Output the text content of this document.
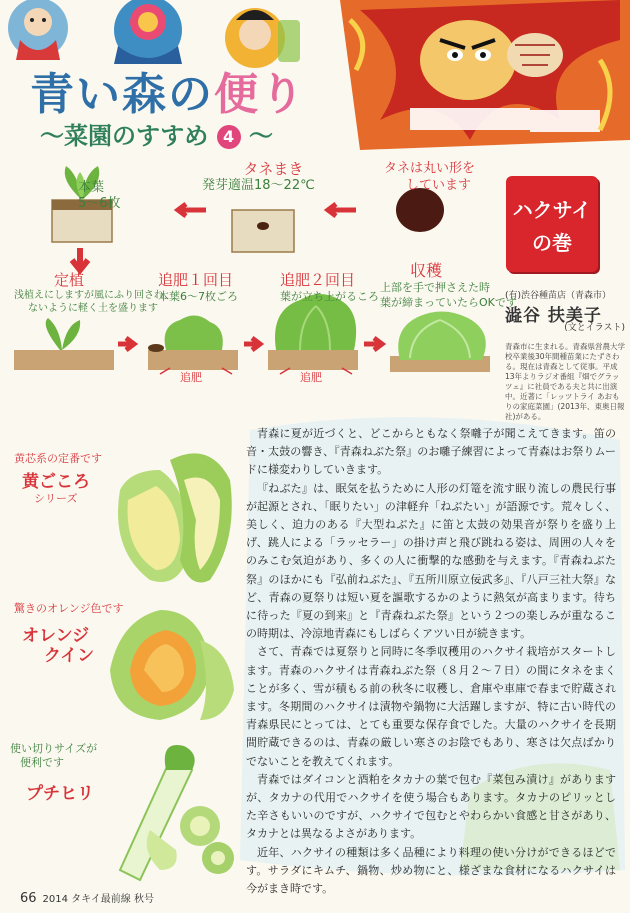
青い森の便り
〜菜園のすすめ 4 〜
本葉
5〜6枚
タネまき
発芽適温18〜22℃
タネは丸い形を
しています
定植
浅植えにしますが風にふり回され
ないように軽く土を盛ります
追肥１回目
本葉6〜7枚ごろ
追肥２回目
葉が立ち上がるころ
収穫
上部を手で押さえた時
葉が締まっていたらOKです
追肥	追肥
ハクサイ
の巻
(有)渋谷種苗店（青森市）
澁谷 扶美子
(文とイラスト)
青森市に生まれる。青森県営農大学校卒業後30年間種苗業にたずさわる。現在は青森として従事。平成13年よりラジオ番組『畑でグラッツェ』に社員である夫と共に出演中。近著に「レッツトライ あおもりの家庭菜園」(2013年、東奥日報社)がある。
黄芯系の定番です
黄ごころ
シリーズ
驚きのオレンジ色です
オレンジ
クイン
使い切りサイズが
便利です
プチヒリ

青森に夏が近づくと、どこからともなく祭囃子が聞こえてきます。笛の音・太鼓の響き、『青森ねぶた祭』のお囃子練習によって青森はお祭りムードに様変わりしていきます。

『ねぶた』は、眠気を払うために人形の灯篭を流す眠り流しの農民行事が起源とされ、「眠りたい」の津軽弁「ねぶたい」が語源です。荒々しく、美しく、迫力のある『大型ねぶた』に笛と太鼓の効果音が祭りを盛り上げ、跳人による「ラッセラー」の掛け声と飛び跳ねる姿は、周囲の人々をのみこむ気迫があり、多くの人に衝撃的な感動を与えます。『青森ねぶた祭』のほかにも『弘前ねぶた』、『五所川原立佞武多』、『八戸三社大祭』など、青森の夏祭りは短い夏を謳歌するかのように熱気が高まります。待ちに待った『夏の到来』と『青森ねぶた祭』という２つの楽しみが重なるこの時期は、冷涼地青森にもしばらくアツい日が続きます。

さて、青森では夏祭りと同時に冬季収穫用のハクサイ栽培がスタートします。青森のハクサイは青森ねぶた祭（８月２〜７日）の間にタネをまくことが多く、雪が積もる前の秋冬に収穫し、倉庫や車庫で春まで貯蔵されます。冬期間のハクサイは漬物や鍋物に大活躍しますが、特に古い時代の青森県民にとっては、とても重要な保存食でした。大量のハクサイを長期間貯蔵できるのは、青森の厳しい寒さのお陰でもあり、寒さは欠点ばかりでないことを教えてくれます。

青森ではダイコンと酒粕をタカナの葉で包む『菜包み漬け』がありますが、タカナの代用でハクサイを使う場合もあります。タカナのピリッとした辛さもいいのですが、ハクサイで包むとやわらかい食感と甘さがあり、タカナとは異なるよさがあります。

近年、ハクサイの種類は多く品種により料理の使い分けができるほどです。サラダにキムチ、鍋物、炒め物にと、様ざまな食材になるハクサイは今がまき時です。

66 2014 タキイ最前線 秋号
